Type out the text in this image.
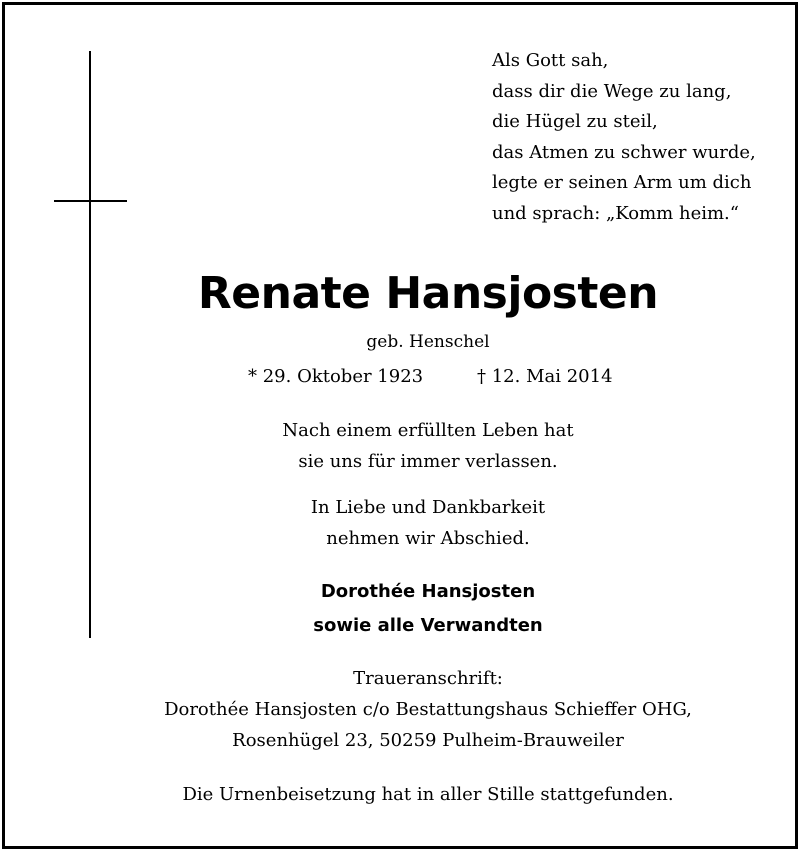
Als Gott sah,
dass dir die Wege zu lang,
die Hügel zu steil,
das Atmen zu schwer wurde,
legte er seinen Arm um dich
und sprach: „Komm heim.“
Renate Hansjosten
geb. Henschel
* 29. Oktober 1923	† 12. Mai 2014
Nach einem erfüllten Leben hat
sie uns für immer verlassen.
In Liebe und Dankbarkeit
nehmen wir Abschied.
Dorothée Hansjosten
sowie alle Verwandten
Traueranschrift:
Dorothée Hansjosten c/o Bestattungshaus Schieffer OHG,
Rosenhügel 23, 50259 Pulheim-Brauweiler
Die Urnenbeisetzung hat in aller Stille stattgefunden.
